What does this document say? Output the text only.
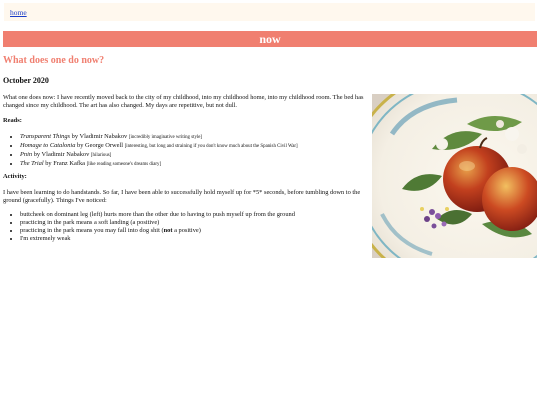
home
now
What does one do now?
October 2020

What one does now: I have recently moved back to the city of my childhood, into my childhood home, into my childhood room. The bed has changed since my childhood. The art has also changed. My days are repetitive, but not dull.

Reads:

• Transparent Things by Vladimir Nabakov [incredibly imaginative writing style]
• Homage to Catalonia by George Orwell [interesting, but long and straining if you don't know much about the Spanish Civil War]
• Pnin by Vladimir Nabakov [hilarious]
• The Trial by Franz Kafka [like reading someone's dreams diary]

Activity:

I have been learning to do handstands. So far, I have been able to successfully hold myself up for *5* seconds, before tumbling down to the ground (gracefully). Things I've noticed:

• buttcheek on dominant leg (left) hurts more than the other due to having to push myself up from the ground
• practicing in the park means a soft landing (a positive)
• practicing in the park means you may fall into dog shit (not a positive)
• I'm extremely weak
